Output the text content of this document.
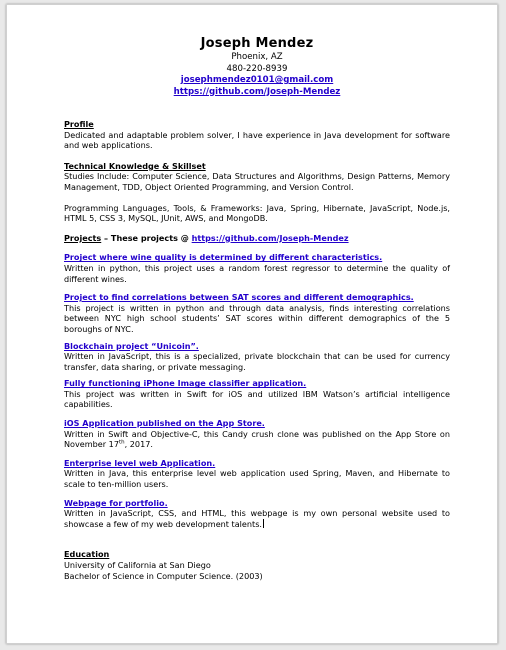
Joseph Mendez
Phoenix, AZ
480-220-8939
josephmendez0101@gmail.com
https://github.com/Joseph-Mendez
Profile
Dedicated and adaptable problem solver, I have experience in Java development for software and web applications.
Technical Knowledge & Skillset
Studies Include: Computer Science, Data Structures and Algorithms, Design Patterns, Memory Management, TDD, Object Oriented Programming, and Version Control.
Programming Languages, Tools, & Frameworks: Java, Spring, Hibernate, JavaScript, Node.js, HTML 5, CSS 3, MySQL, JUnit, AWS, and MongoDB.
Projects – These projects @ https://github.com/Joseph-Mendez
Project where wine quality is determined by different characteristics.
Written in python, this project uses a random forest regressor to determine the quality of different wines.
Project to find correlations between SAT scores and different demographics.
This project is written in python and through data analysis, finds interesting correlations between NYC high school students’ SAT scores within different demographics of the 5 boroughs of NYC.
Blockchain project “Unicoin”.
Written in JavaScript, this is a specialized, private blockchain that can be used for currency transfer, data sharing, or private messaging.
Fully functioning iPhone Image classifier application.
This project was written in Swift for iOS and utilized IBM Watson’s artificial intelligence capabilities.
iOS Application published on the App Store.
Written in Swift and Objective-C, this Candy crush clone was published on the App Store on November 17th, 2017.
Enterprise level web Application.
Written in Java, this enterprise level web application used Spring, Maven, and Hibernate to scale to ten-million users.
Webpage for portfolio.
Written in JavaScript, CSS, and HTML, this webpage is my own personal website used to showcase a few of my web development talents.
Education
University of California at San Diego
Bachelor of Science in Computer Science. (2003)
